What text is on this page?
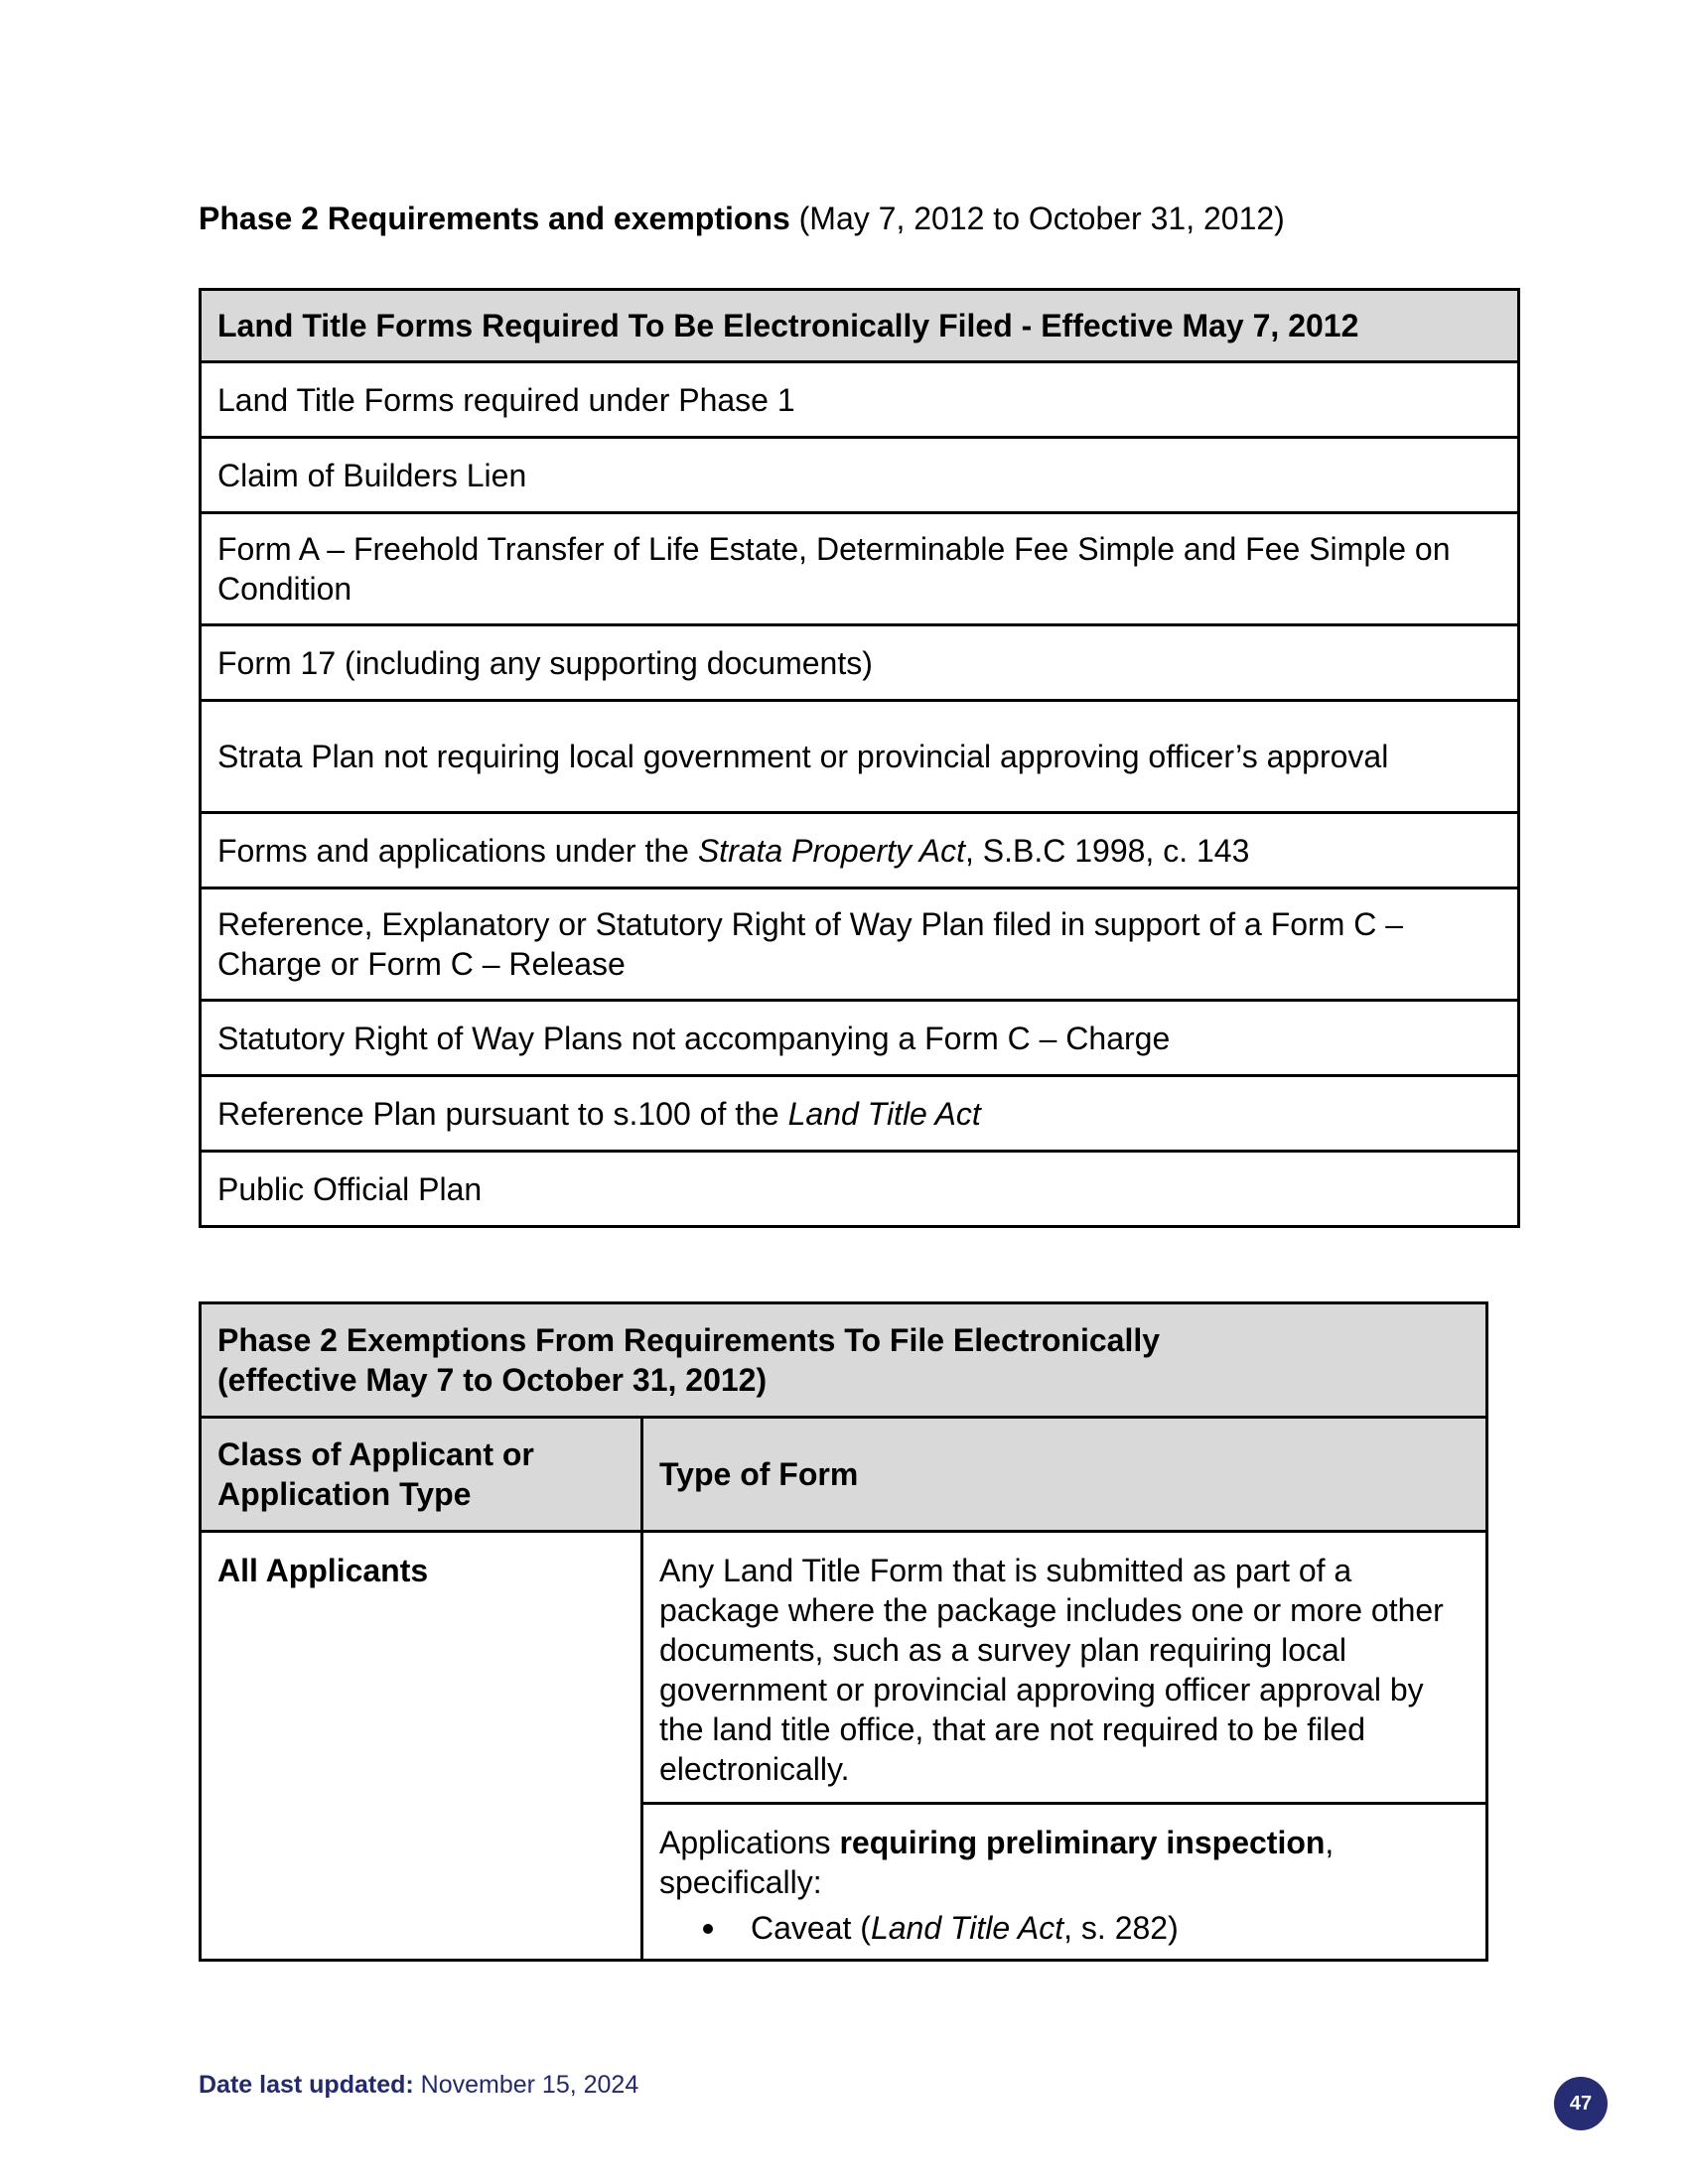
Phase 2 Requirements and exemptions (May 7, 2012 to October 31, 2012)
Land Title Forms Required To Be Electronically Filed - Effective May 7, 2012
Land Title Forms required under Phase 1
Claim of Builders Lien
Form A – Freehold Transfer of Life Estate, Determinable Fee Simple and Fee Simple on Condition
Form 17 (including any supporting documents)
Strata Plan not requiring local government or provincial approving officer’s approval
Forms and applications under the Strata Property Act, S.B.C 1998, c. 143
Reference, Explanatory or Statutory Right of Way Plan filed in support of a Form C – Charge or Form C – Release
Statutory Right of Way Plans not accompanying a Form C – Charge
Reference Plan pursuant to s.100 of the Land Title Act
Public Official Plan
Phase 2 Exemptions From Requirements To File Electronically
(effective May 7 to October 31, 2012)	

Class of Applicant or Application Type	Type of Form
All Applicants	Any Land Title Form that is submitted as part of a package where the package includes one or more other documents, such as a survey plan requiring local government or provincial approving officer approval by the land title office, that are not required to be filed electronically.
Applications requiring preliminary inspection, specifically:
Caveat (Land Title Act, s. 282)
Date last updated: November 15, 2024
47
